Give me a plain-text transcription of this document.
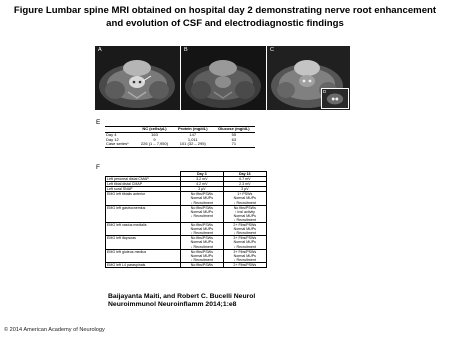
Figure Lumbar spine MRI obtained on hospital day 2 demonstrating nerve root enhancement and evolution of CSF and electrodiagnostic findings
A	B	C
D
E
	NC (cells/µL)	Protein (mg/dL)	Glucose (mg/dL)
Day 4	163	147	55
Day 12	9	1,011	63
Case series*	226 (1 – 7,950)	101 (32 – 295)	71
F
	Day 3	Day 16
Left peroneal distal CMAP	3.2 mV	0.7 mV
Left tibial distal CMAP	4.2 mV	2.3 mV
Left sural SNAP	3 µV	3 µV
EMG left tibialis anterior	No fibs/PSWs
Normal MUPs
↓ Recruitment	1+ PSWs
Normal MUPs
↓ Recruitment
EMG left gastrocnemius	No fibs/PSWs
Normal MUPs
↓ Recruitment	No fibs/PSWs
↑ Insl activity
Normal MUPs
↓ Recruitment
EMG left vastus medialis	No fibs/PSWs
Normal MUPs
↓ Recruitment	2+ Fibs/PSWs
Normal MUPs
↓ Recruitment
EMG left iliopsoas	No fibs/PSWs
Normal MUPs
↓ Recruitment	3+ Fibs/PSWs
Normal MUPs
↓ Recruitment
EMG left gluteus medius	No fibs/PSWs
Normal MUPs
↓ Recruitment	3+ Fibs/PSWs
Normal MUPs
↓ Recruitment
EMG left L4 paraspinals	No fibs/PSWs	2+ Fibs/PSWs
Baijayanta Maiti, and Robert C. Bucelli Neurol
Neuroimmunol Neuroinflamm 2014;1:e8
© 2014 American Academy of Neurology
